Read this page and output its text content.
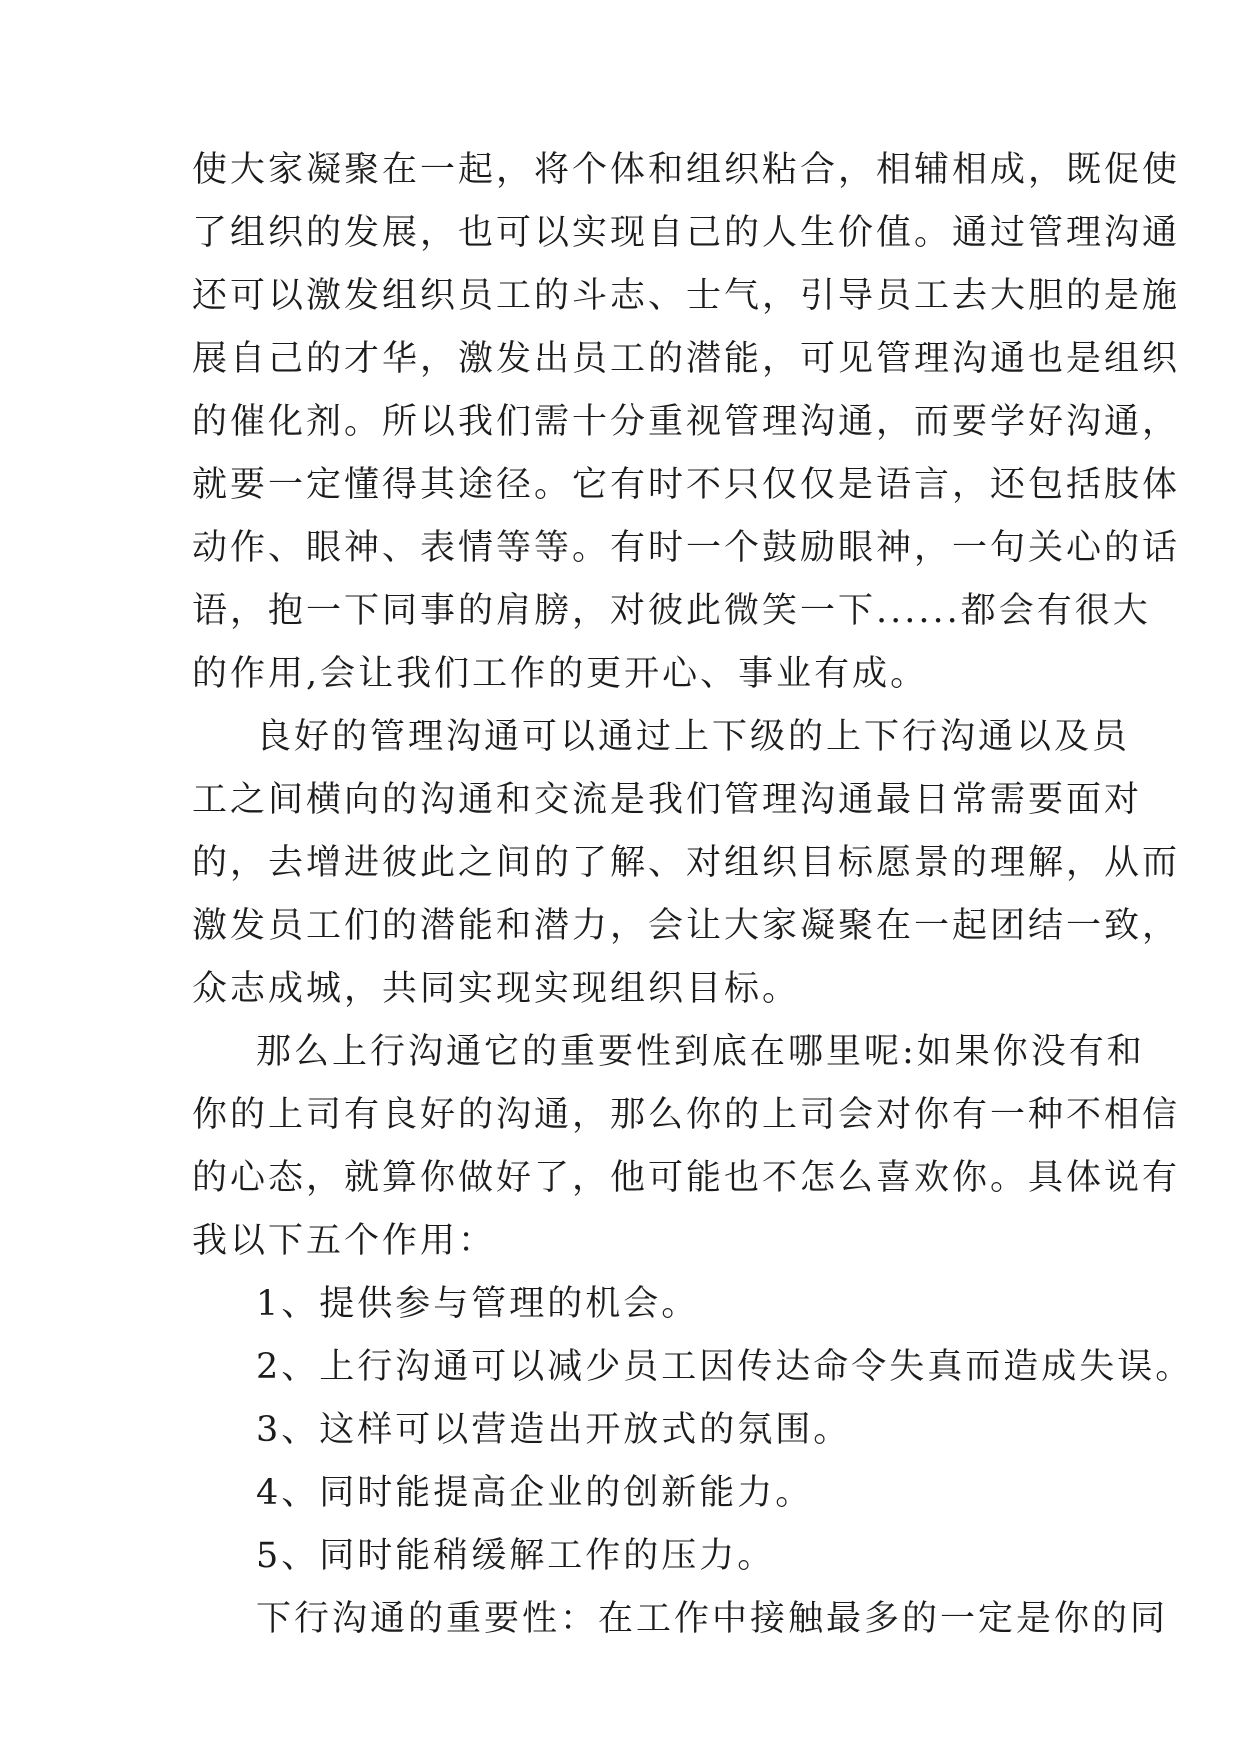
使大家凝聚在一起，将个体和组织粘合，相辅相成，既促使
了组织的发展，也可以实现自己的人生价值。通过管理沟通
还可以激发组织员工的斗志、士气，引导员工去大胆的是施
展自己的才华，激发出员工的潜能，可见管理沟通也是组织
的催化剂。所以我们需十分重视管理沟通，而要学好沟通，
就要一定懂得其途径。它有时不只仅仅是语言，还包括肢体
动作、眼神、表情等等。有时一个鼓励眼神，一句关心的话
语，抱一下同事的肩膀，对彼此微笑一下......都会有很大
的作用,会让我们工作的更开心、事业有成。
良好的管理沟通可以通过上下级的上下行沟通以及员
工之间横向的沟通和交流是我们管理沟通最日常需要面对
的，去增进彼此之间的了解、对组织目标愿景的理解，从而
激发员工们的潜能和潜力，会让大家凝聚在一起团结一致，
众志成城，共同实现实现组织目标。
那么上行沟通它的重要性到底在哪里呢:如果你没有和
你的上司有良好的沟通，那么你的上司会对你有一种不相信
的心态，就算你做好了，他可能也不怎么喜欢你。具体说有
我以下五个作用：
1、提供参与管理的机会。
2、上行沟通可以减少员工因传达命令失真而造成失误。
3、这样可以营造出开放式的氛围。
4、同时能提高企业的创新能力。
5、同时能稍缓解工作的压力。
下行沟通的重要性：在工作中接触最多的一定是你的同
